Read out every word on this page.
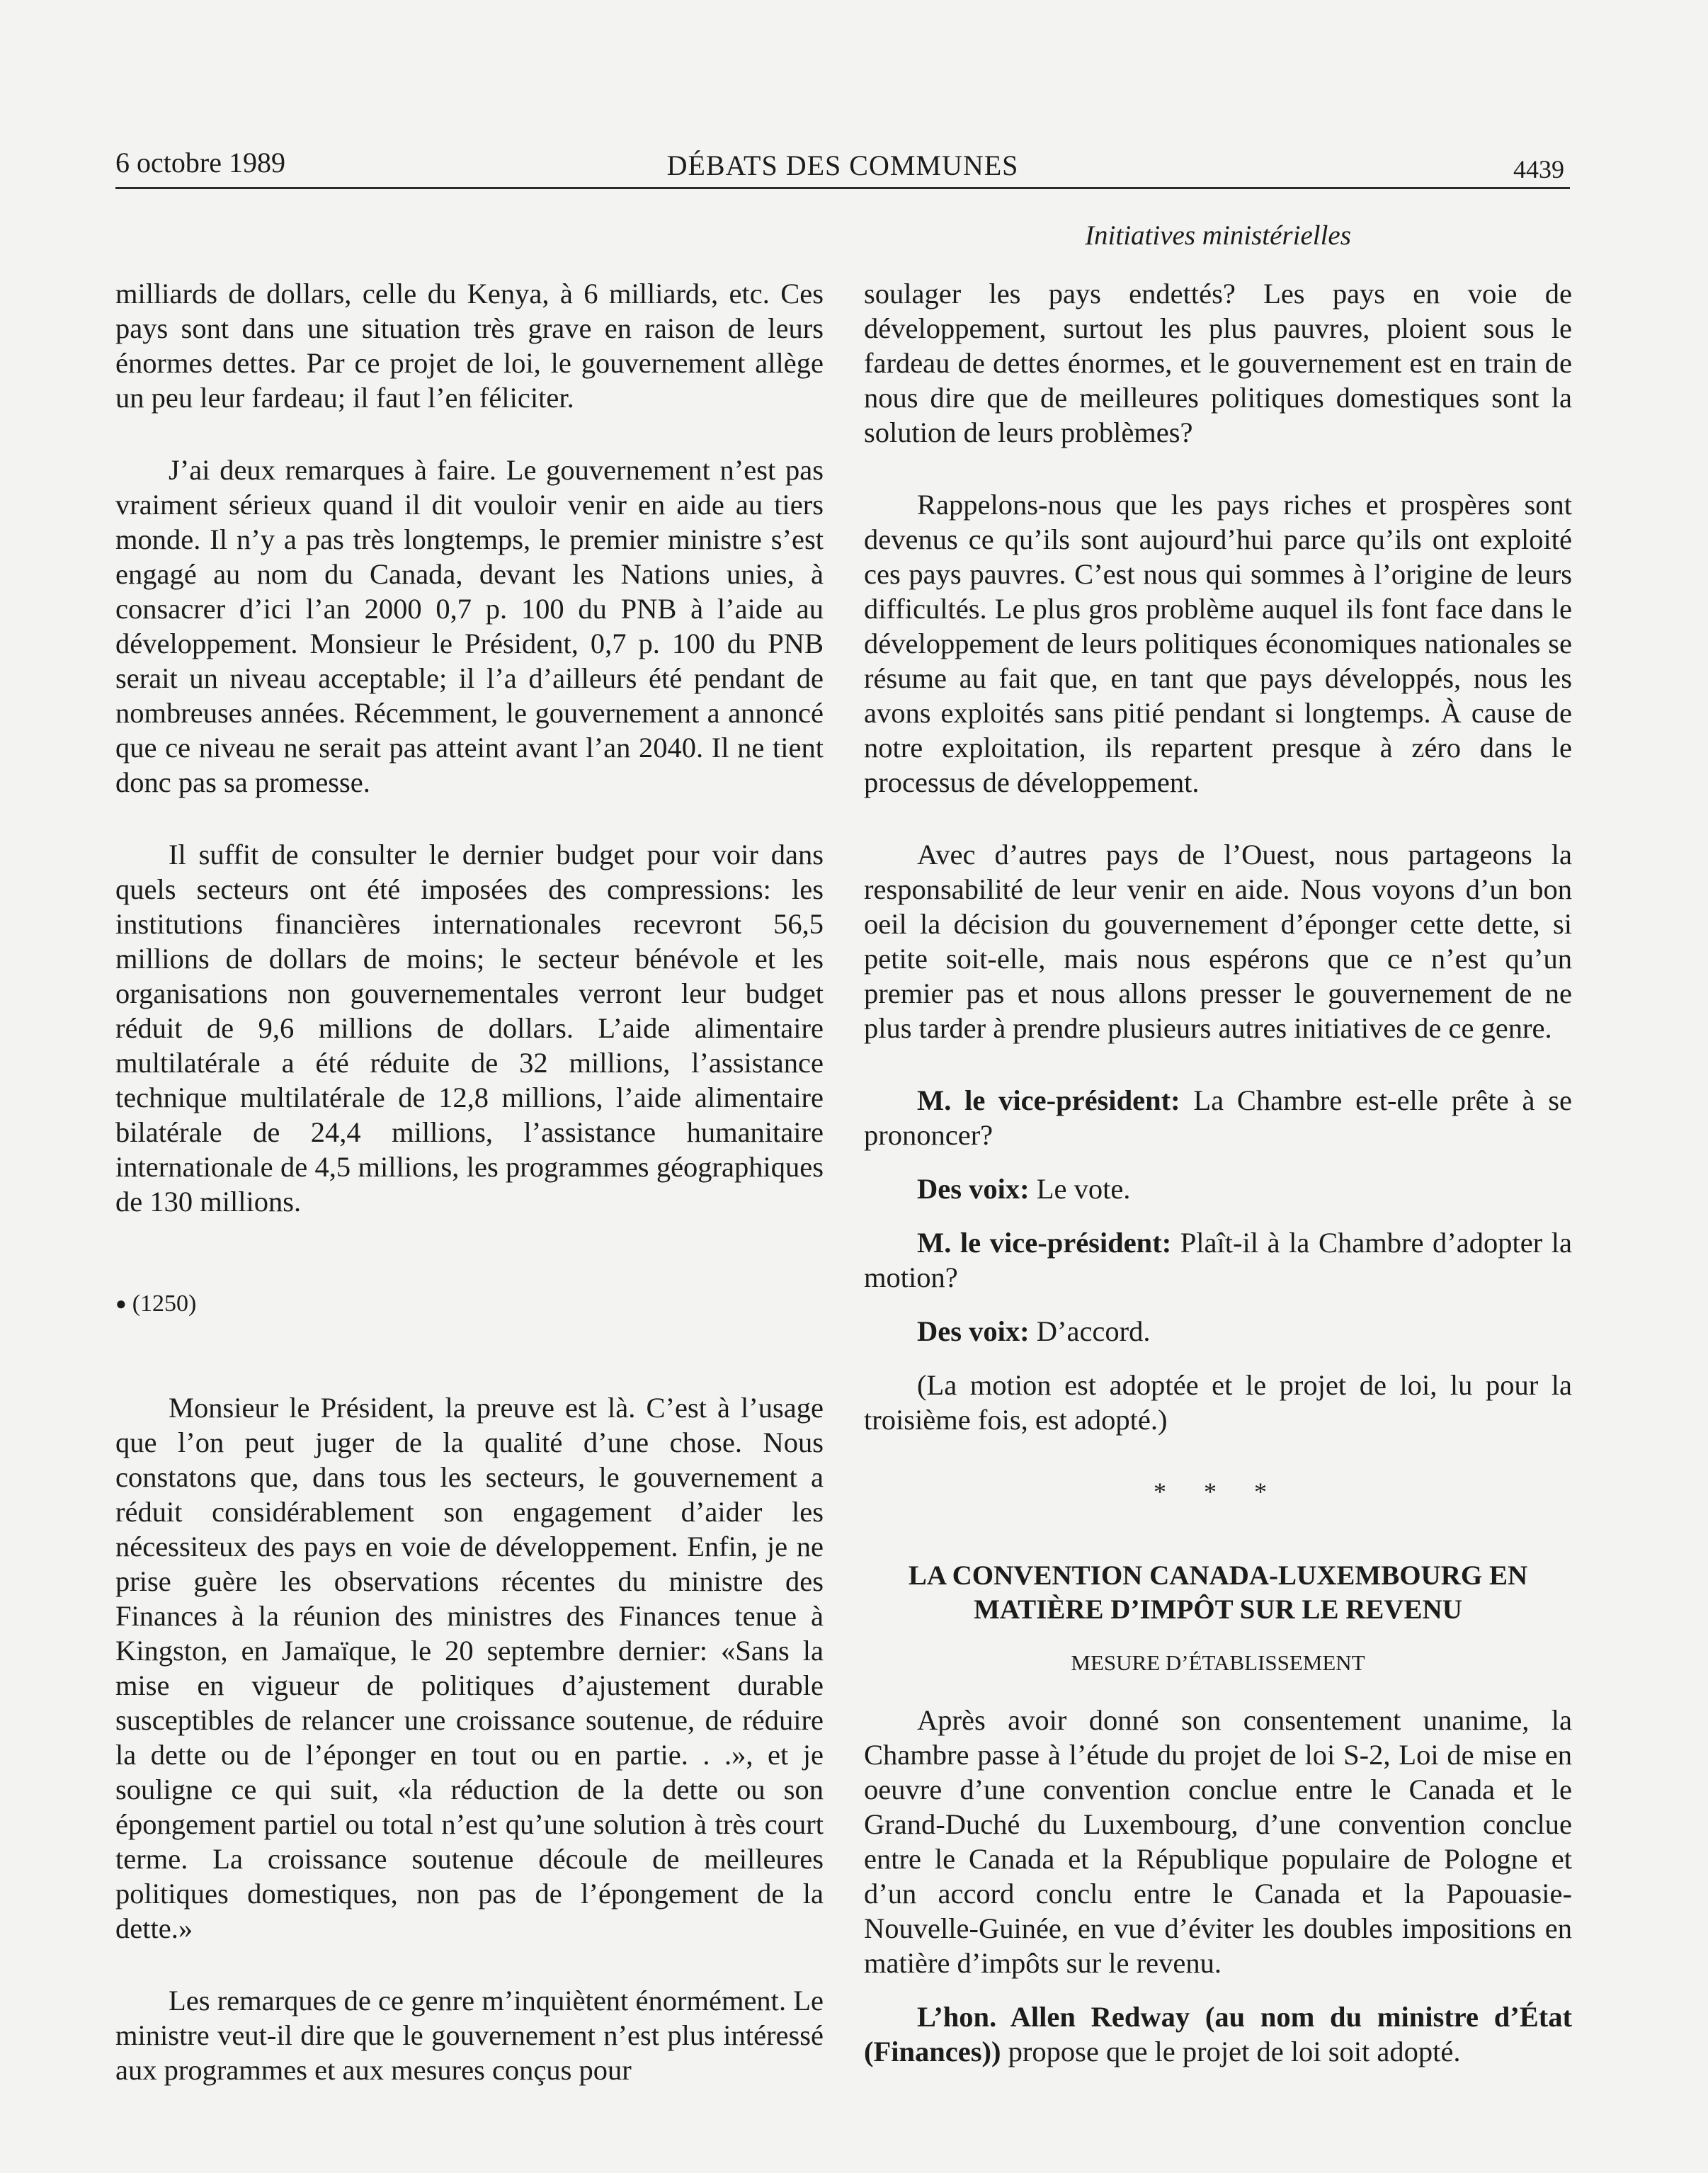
6 octobre 1989	DÉBATS DES COMMUNES	4439
Initiatives ministérielles

milliards de dollars, celle du Kenya, à 6 milliards, etc. Ces pays sont dans une situation très grave en raison de leurs énormes dettes. Par ce projet de loi, le gouvernement allège un peu leur fardeau; il faut l’en féliciter.

J’ai deux remarques à faire. Le gouvernement n’est pas vraiment sérieux quand il dit vouloir venir en aide au tiers monde. Il n’y a pas très longtemps, le premier ministre s’est engagé au nom du Canada, devant les Nations unies, à consacrer d’ici l’an 2000 0,7 p. 100 du PNB à l’aide au développement. Monsieur le Président, 0,7 p. 100 du PNB serait un niveau acceptable; il l’a d’ailleurs été pendant de nombreuses années. Récemment, le gouvernement a annoncé que ce niveau ne serait pas atteint avant l’an 2040. Il ne tient donc pas sa promesse.

Il suffit de consulter le dernier budget pour voir dans quels secteurs ont été imposées des compressions: les institutions financières internationales recevront 56,5 millions de dollars de moins; le secteur bénévole et les organisations non gouvernementales verront leur budget réduit de 9,6 millions de dollars. L’aide alimentaire multilatérale a été réduite de 32 millions, l’assistance technique multilatérale de 12,8 millions, l’aide alimentaire bilatérale de 24,4 millions, l’assistance humanitaire internationale de 4,5 millions, les programmes géographiques de 130 millions.

● (1250)

Monsieur le Président, la preuve est là. C’est à l’usage que l’on peut juger de la qualité d’une chose. Nous constatons que, dans tous les secteurs, le gouvernement a réduit considérablement son engagement d’aider les nécessiteux des pays en voie de développement. Enfin, je ne prise guère les observations récentes du ministre des Finances à la réunion des ministres des Finances tenue à Kingston, en Jamaïque, le 20 septembre dernier: «Sans la mise en vigueur de politiques d’ajustement durable susceptibles de relancer une croissance soutenue, de réduire la dette ou de l’éponger en tout ou en partie. . .», et je souligne ce qui suit, «la réduction de la dette ou son épongement partiel ou total n’est qu’une solution à très court terme. La croissance soutenue découle de meilleures politiques domestiques, non pas de l’épongement de la dette.»

Les remarques de ce genre m’inquiètent énormément. Le ministre veut-il dire que le gouvernement n’est plus intéressé aux programmes et aux mesures conçus pour

soulager les pays endettés? Les pays en voie de développement, surtout les plus pauvres, ploient sous le fardeau de dettes énormes, et le gouvernement est en train de nous dire que de meilleures politiques domestiques sont la solution de leurs problèmes?

Rappelons-nous que les pays riches et prospères sont devenus ce qu’ils sont aujourd’hui parce qu’ils ont exploité ces pays pauvres. C’est nous qui sommes à l’origine de leurs difficultés. Le plus gros problème auquel ils font face dans le développement de leurs politiques économiques nationales se résume au fait que, en tant que pays développés, nous les avons exploités sans pitié pendant si longtemps. À cause de notre exploitation, ils repartent presque à zéro dans le processus de développement.

Avec d’autres pays de l’Ouest, nous partageons la responsabilité de leur venir en aide. Nous voyons d’un bon oeil la décision du gouvernement d’éponger cette dette, si petite soit-elle, mais nous espérons que ce n’est qu’un premier pas et nous allons presser le gouvernement de ne plus tarder à prendre plusieurs autres initiatives de ce genre.

M. le vice-président: La Chambre est-elle prête à se prononcer?

Des voix: Le vote.

M. le vice-président: Plaît-il à la Chambre d’adopter la motion?

Des voix: D’accord.

(La motion est adoptée et le projet de loi, lu pour la troisième fois, est adopté.)

* * *
LA CONVENTION CANADA-LUXEMBOURG EN MATIÈRE D’IMPÔT SUR LE REVENU
MESURE D’ÉTABLISSEMENT

Après avoir donné son consentement unanime, la Chambre passe à l’étude du projet de loi S-2, Loi de mise en oeuvre d’une convention conclue entre le Canada et le Grand-Duché du Luxembourg, d’une convention conclue entre le Canada et la République populaire de Pologne et d’un accord conclu entre le Canada et la Papouasie-Nouvelle-Guinée, en vue d’éviter les doubles impositions en matière d’impôts sur le revenu.

L’hon. Allen Redway (au nom du ministre d’État (Finances)) propose que le projet de loi soit adopté.
